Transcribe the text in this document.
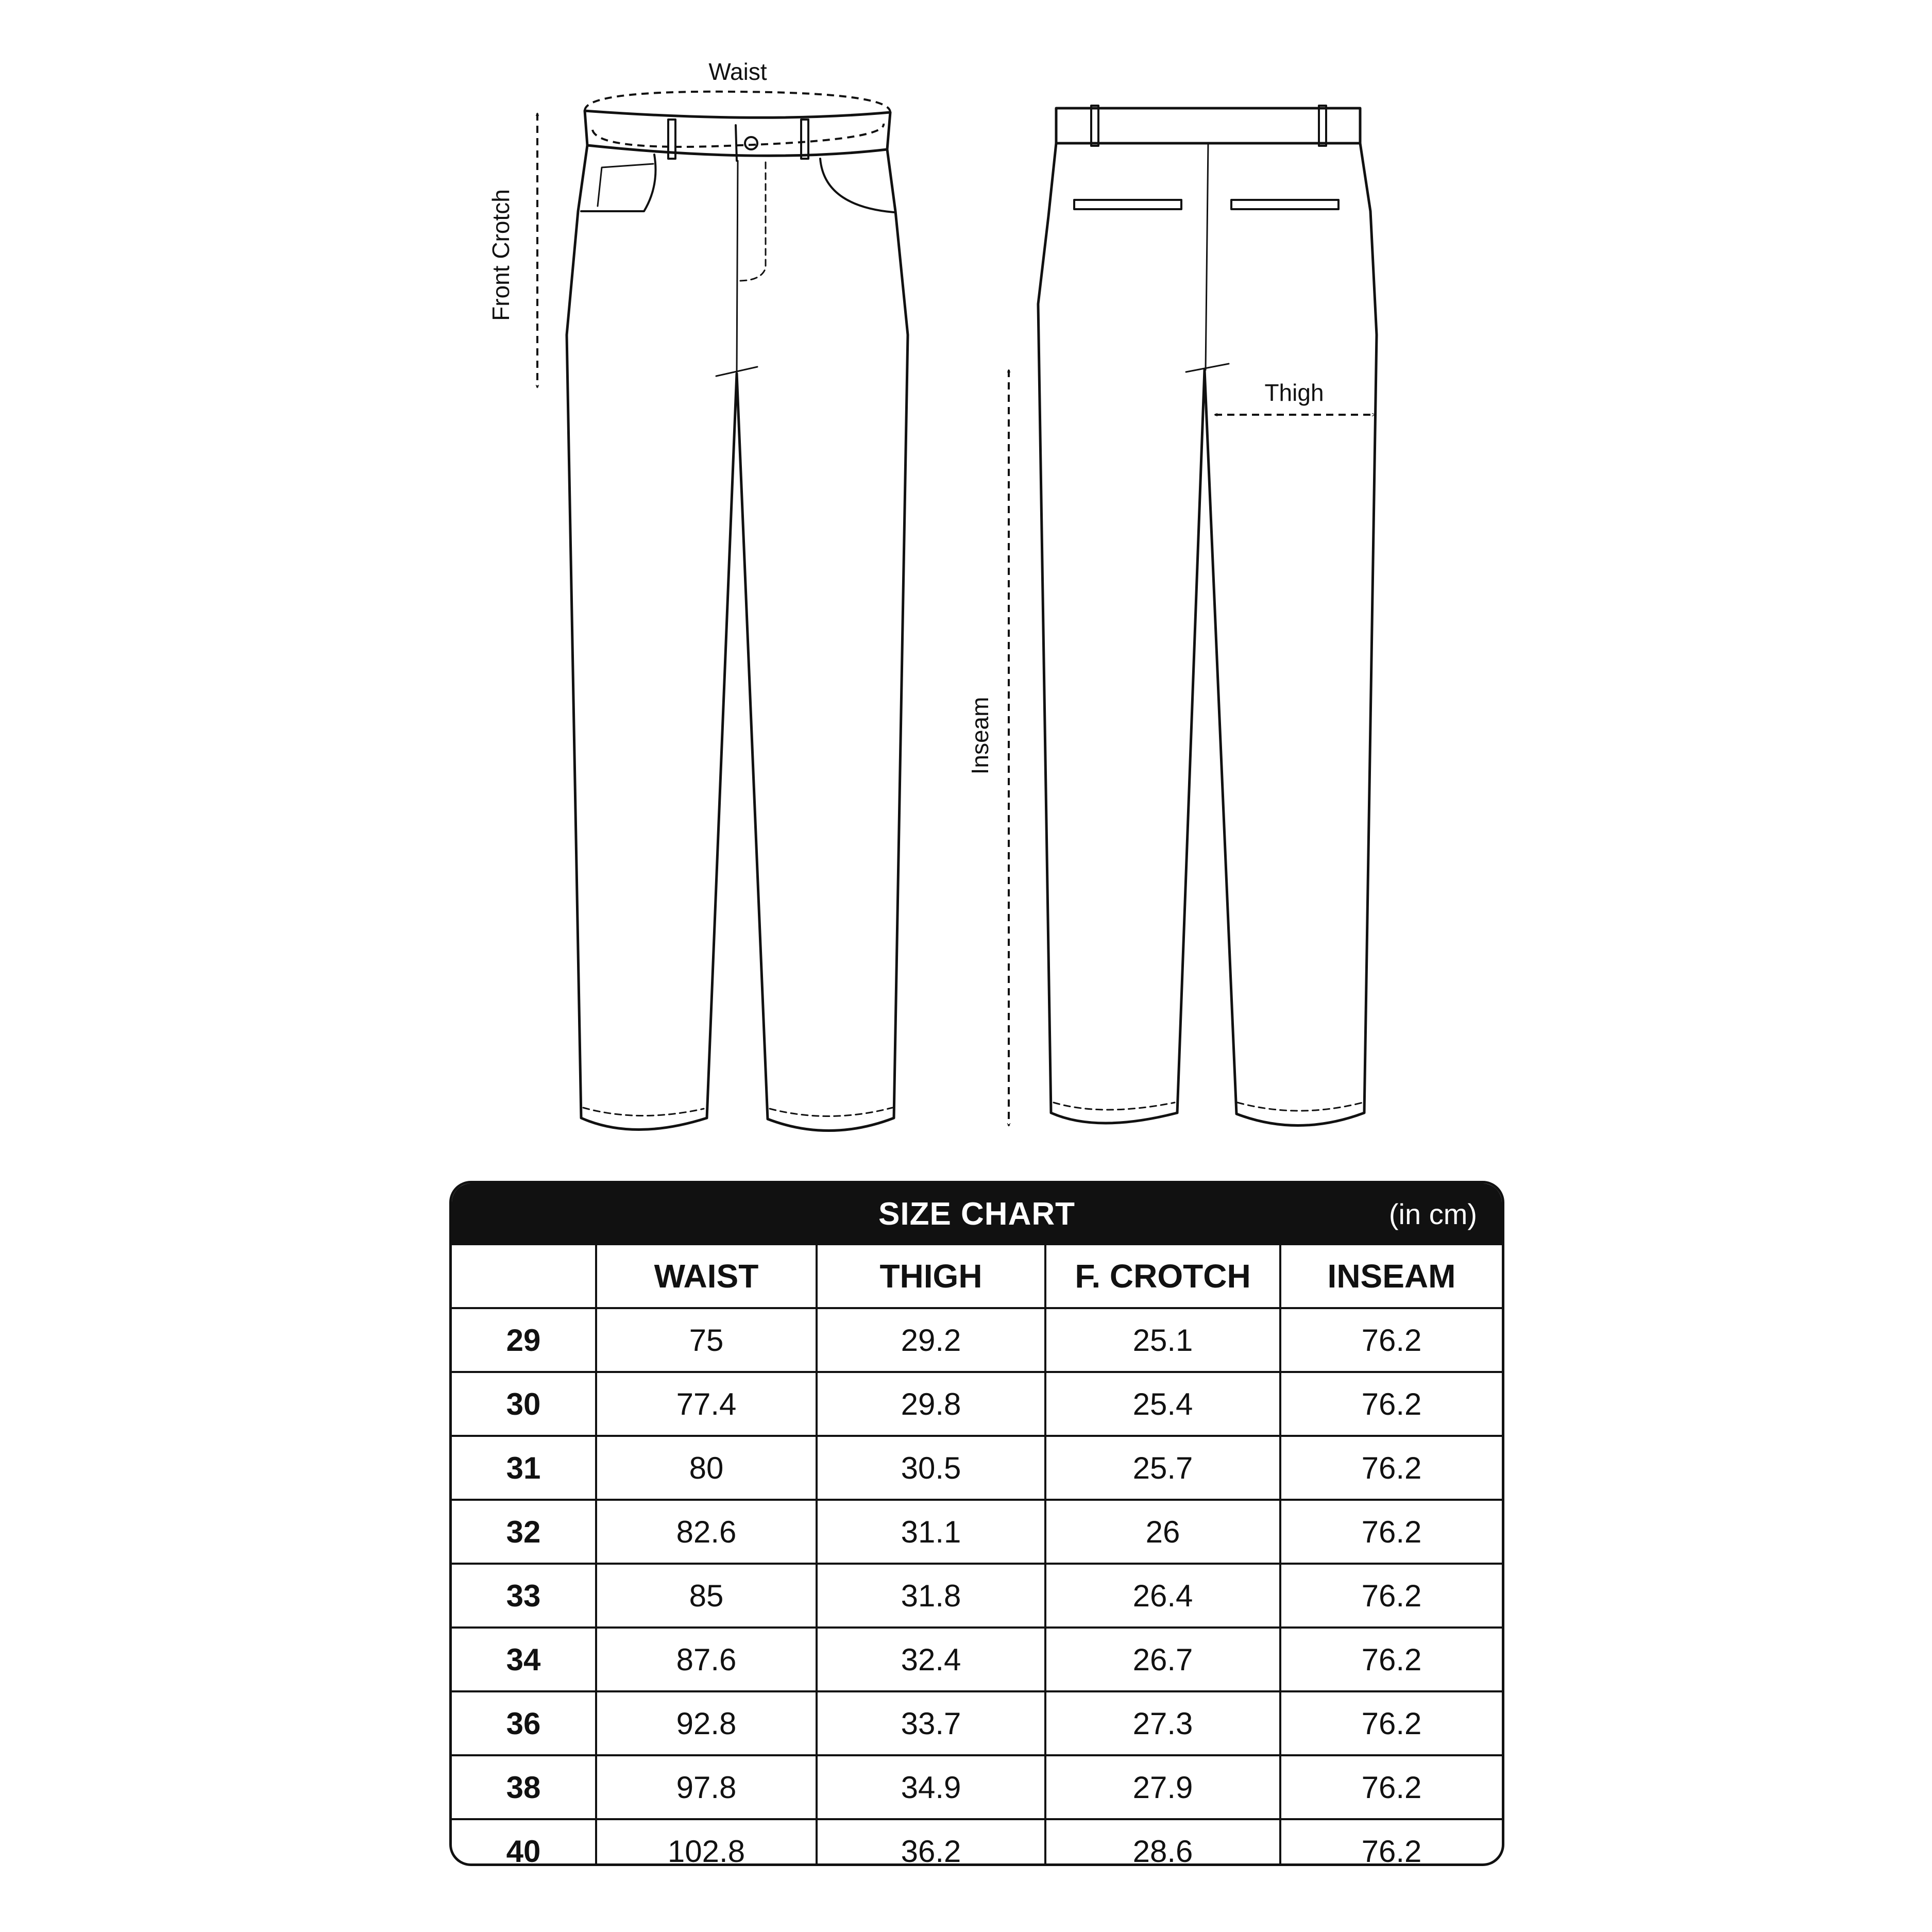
Waist
Front Crotch
Thigh
Inseam
SIZE CHART	(in cm)
	WAIST	THIGH	F. CROTCH	INSEAM
29	75	29.2	25.1	76.2
30	77.4	29.8	25.4	76.2
31	80	30.5	25.7	76.2
32	82.6	31.1	26	76.2
33	85	31.8	26.4	76.2
34	87.6	32.4	26.7	76.2
36	92.8	33.7	27.3	76.2
38	97.8	34.9	27.9	76.2
40	102.8	36.2	28.6	76.2
